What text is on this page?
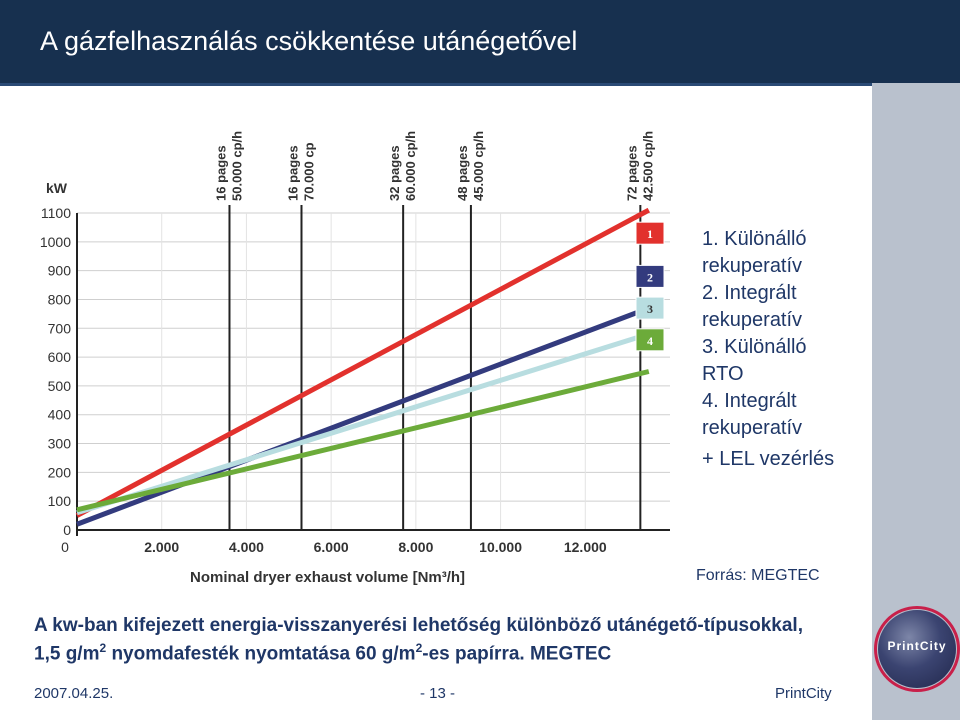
A gázfelhasználás csökkentése utánégetővel
0
100
200
300
400
500
600
700
800
900
1000
1100
2.000	4.000	6.000	8.000	10.000	12.000
0
16 pages 50.000 cp/h	16 pages 70.000 cp	32 pages 60.000 cp/h	48 pages 45.000 cp/h	72 pages 42.500 cp/h
1
2
3
4
kW
Nominal dryer exhaust volume [Nm³/h]
1. Különálló rekuperatív
2. Integrált rekuperatív
3. Különálló RTO
4. Integrált rekuperatív
+ LEL vezérlés
Forrás: MEGTEC
A kw-ban kifejezett energia-visszanyerési lehetőség különböző utánégető-típusokkal, 1,5 $g/m^2$ nyomdafesték nyomtatása 60 $g/m^2-es$ papírra. MEGTEC
2007.04.25.	- 13 -	PrintCity
PrintCity
